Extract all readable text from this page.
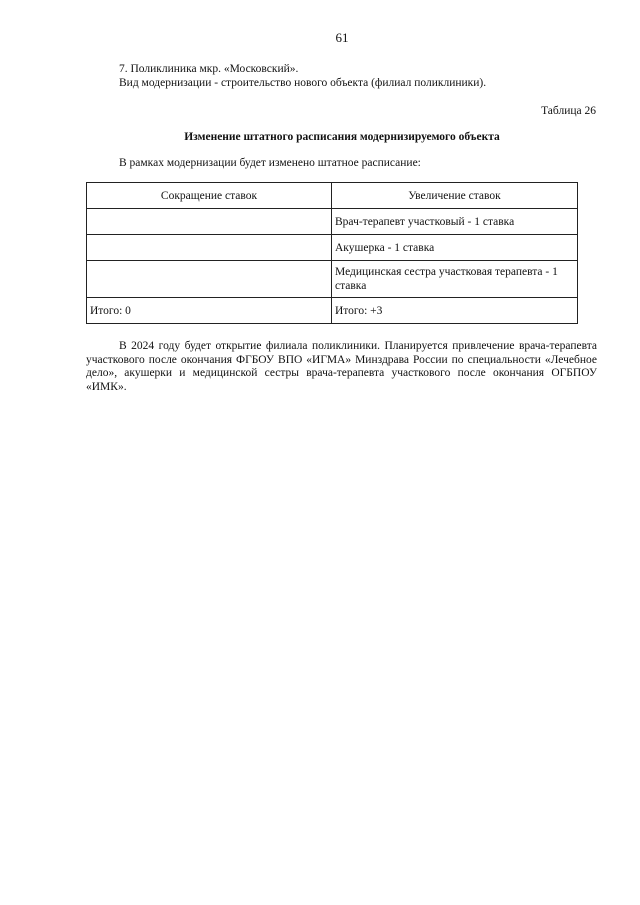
61
7. Поликлиника мкр. «Московский».
Вид модернизации - строительство нового объекта (филиал поликлиники).
Таблица 26
Изменение штатного расписания модернизируемого объекта
В рамках модернизации будет изменено штатное расписание:
Сокращение ставок	Увеличение ставок
	Врач-терапевт участковый - 1 ставка
	Акушерка - 1 ставка
	Медицинская сестра участковая терапевта - 1 ставка
Итого: 0	Итого: +3
В 2024 году будет открытие филиала поликлиники. Планируется привлечение врача-терапевта участкового после окончания ФГБОУ ВПО «ИГМА» Минздрава России по специальности «Лечебное дело», акушерки и медицинской сестры врача-терапевта участкового после окончания ОГБПОУ «ИМК».
